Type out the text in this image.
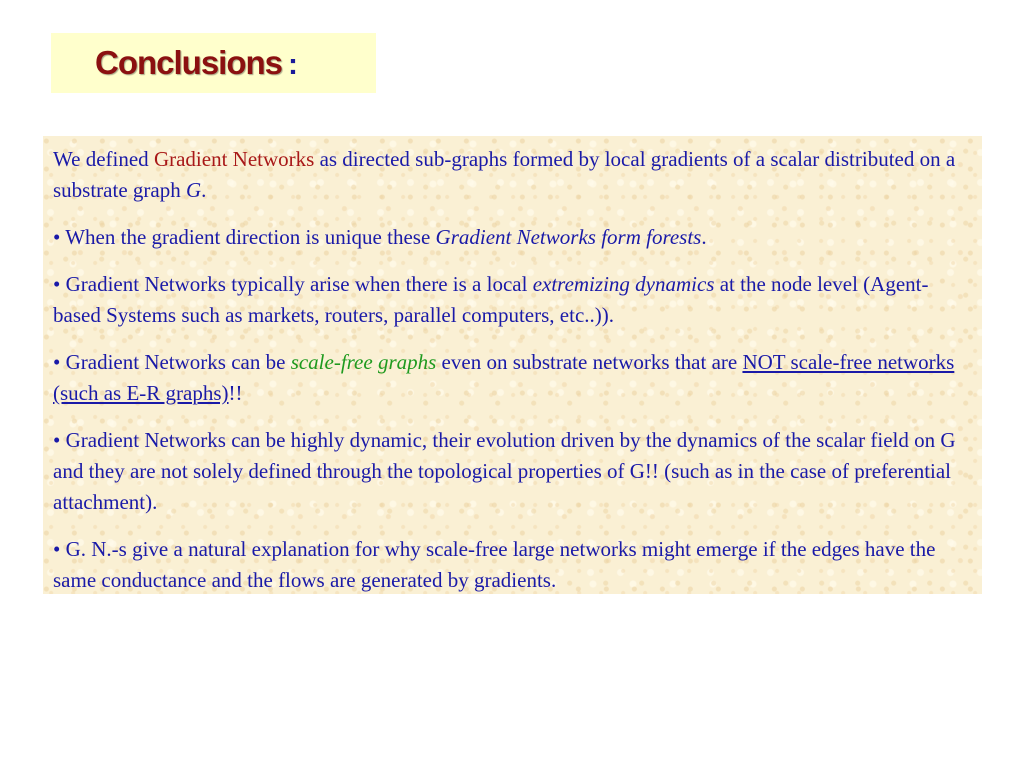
Conclusions :

We defined Gradient Networks as directed sub-graphs formed by local gradients of a scalar distributed on a substrate graph G.

• When the gradient direction is unique these Gradient Networks form forests.

• Gradient Networks typically arise when there is a local extremizing dynamics at the node level (Agent-based Systems such as markets, routers, parallel computers, etc..)).

• Gradient Networks can be scale-free graphs even on substrate networks that are NOT scale-free networks (such as E-R graphs)!!

• Gradient Networks can be highly dynamic, their evolution driven by the dynamics of the scalar field on G and they are not solely defined through the topological properties of G!! (such as in the case of preferential attachment).

• G. N.-s give a natural explanation for why scale-free large networks might emerge if the edges have the same conductance and the flows are generated by gradients.
